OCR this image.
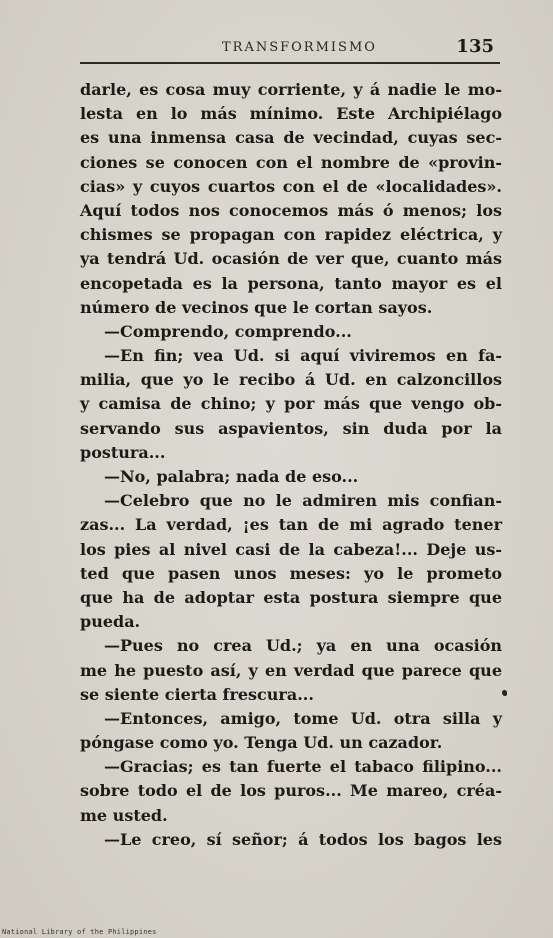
TRANSFORMISMO	135
darle, es cosa muy corriente, y á nadie le mo-
lesta en lo más mínimo. Este Archipiélago
es una inmensa casa de vecindad, cuyas sec-
ciones se conocen con el nombre de «provin-
cias» y cuyos cuartos con el de «localidades».
Aquí todos nos conocemos más ó menos; los
chismes se propagan con rapidez eléctrica, y
ya tendrá Ud. ocasión de ver que, cuanto más
encopetada es la persona, tanto mayor es el
número de vecinos que le cortan sayos.
—Comprendo, comprendo...
—En fin; vea Ud. si aquí viviremos en fa-
milia, que yo le recibo á Ud. en calzoncillos
y camisa de chino; y por más que vengo ob-
servando sus aspavientos, sin duda por la
postura...
—No, palabra; nada de eso...
—Celebro que no le admiren mis confian-
zas... La verdad, ¡es tan de mi agrado tener
los pies al nivel casi de la cabeza!... Deje us-
ted que pasen unos meses: yo le prometo
que ha de adoptar esta postura siempre que
pueda.
—Pues no crea Ud.; ya en una ocasión
me he puesto así, y en verdad que parece que
se siente cierta frescura...
—Entonces, amigo, tome Ud. otra silla y
póngase como yo. Tenga Ud. un cazador.
—Gracias; es tan fuerte el tabaco filipino...
sobre todo el de los puros... Me mareo, créa-
me usted.
—Le creo, sí señor; á todos los bagos les
National Library of the Philippines
